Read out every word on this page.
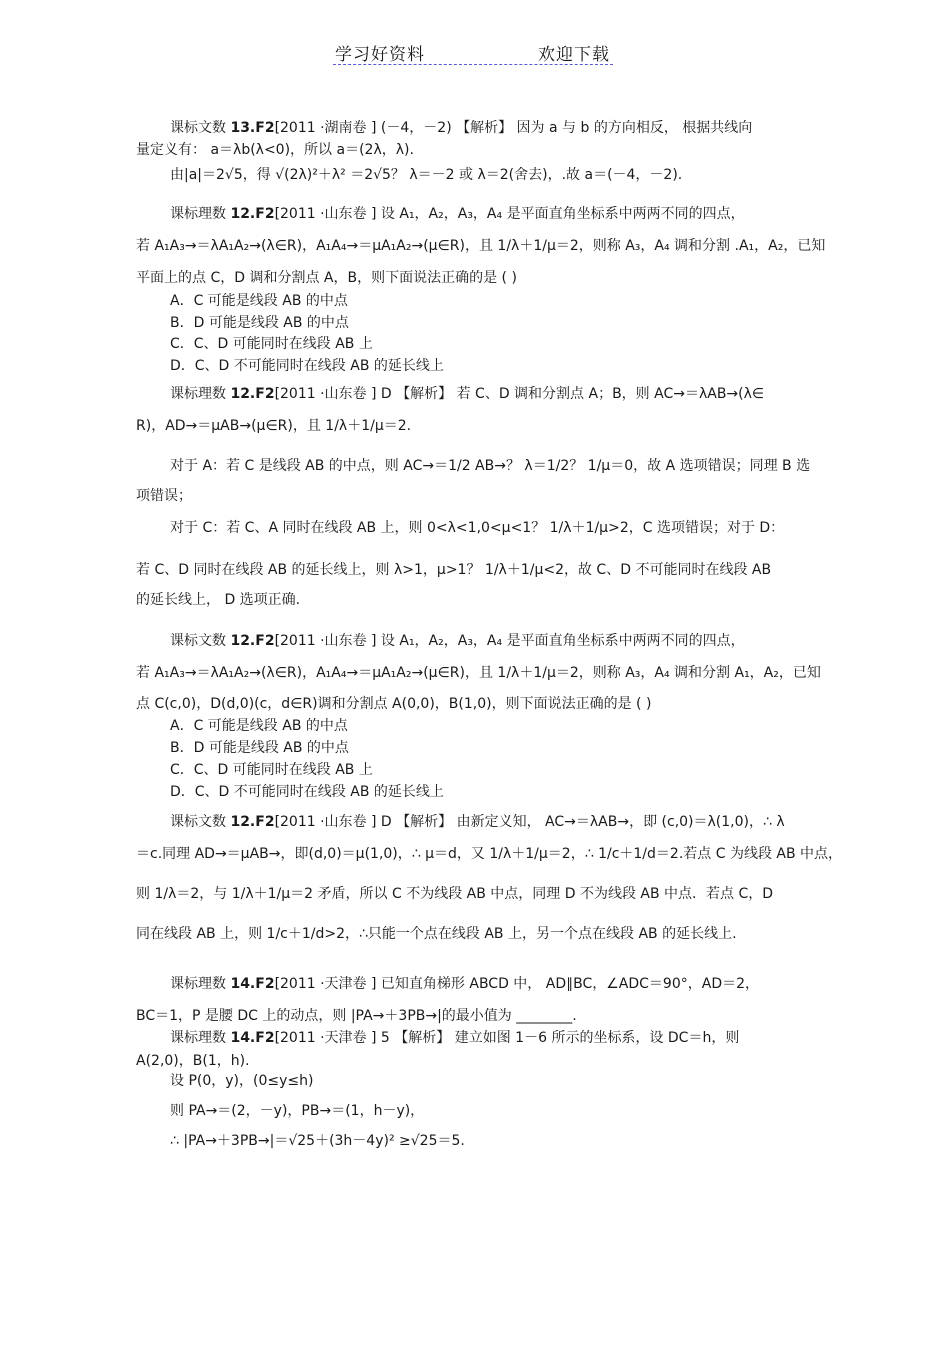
学习好资料	欢迎下载
课标文数 13.F2[2011 ·湖南卷 ] (－4，－2) 【解析】 因为 a 与 b 的方向相反， 根据共线向
量定义有： a＝λb(λ<0)，所以 a＝(2λ，λ).
由|a|＝2√5，得 √(2λ)²＋λ² ＝2√5？ λ＝－2 或 λ＝2(舍去)，.故 a＝(－4，－2).
课标理数 12.F2[2011 ·山东卷 ] 设 A₁，A₂，A₃，A₄ 是平面直角坐标系中两两不同的四点，
若 A₁A₃→＝λA₁A₂→(λ∈R)，A₁A₄→＝μA₁A₂→(μ∈R)，且 1/λ＋1/μ＝2，则称 A₃，A₄ 调和分割 .A₁，A₂，已知
平面上的点 C，D 调和分割点 A，B，则下面说法正确的是 ( )
A．C 可能是线段 AB 的中点
B．D 可能是线段 AB 的中点
C．C、D 可能同时在线段 AB 上
D．C、D 不可能同时在线段 AB 的延长线上
课标理数 12.F2[2011 ·山东卷 ] D 【解析】 若 C、D 调和分割点 A；B，则 AC→＝λAB→(λ∈
R)，AD→＝μAB→(μ∈R)，且 1/λ＋1/μ＝2.
对于 A：若 C 是线段 AB 的中点，则 AC→＝1/2 AB→？ λ＝1/2？ 1/μ＝0，故 A 选项错误；同理 B 选
项错误；
对于 C：若 C、A 同时在线段 AB 上，则 0<λ<1,0<μ<1？ 1/λ＋1/μ>2，C 选项错误；对于 D：
若 C、D 同时在线段 AB 的延长线上，则 λ>1，μ>1？ 1/λ＋1/μ<2，故 C、D 不可能同时在线段 AB
的延长线上， D 选项正确.
课标文数 12.F2[2011 ·山东卷 ] 设 A₁，A₂，A₃，A₄ 是平面直角坐标系中两两不同的四点，
若 A₁A₃→＝λA₁A₂→(λ∈R)，A₁A₄→＝μA₁A₂→(μ∈R)，且 1/λ＋1/μ＝2，则称 A₃，A₄ 调和分割 A₁，A₂，已知
点 C(c,0)，D(d,0)(c，d∈R)调和分割点 A(0,0)，B(1,0)，则下面说法正确的是 ( )
A．C 可能是线段 AB 的中点
B．D 可能是线段 AB 的中点
C．C、D 可能同时在线段 AB 上
D．C、D 不可能同时在线段 AB 的延长线上
课标文数 12.F2[2011 ·山东卷 ] D 【解析】 由新定义知， AC→＝λAB→，即 (c,0)＝λ(1,0)，∴ λ
＝c.同理 AD→＝μAB→，即(d,0)＝μ(1,0)，∴ μ＝d，又 1/λ＋1/μ＝2，∴ 1/c＋1/d＝2.若点 C 为线段 AB 中点，
则 1/λ＝2，与 1/λ＋1/μ＝2 矛盾，所以 C 不为线段 AB 中点，同理 D 不为线段 AB 中点．若点 C，D
同在线段 AB 上，则 1/c＋1/d>2，∴只能一个点在线段 AB 上，另一个点在线段 AB 的延长线上.
课标理数 14.F2[2011 ·天津卷 ] 已知直角梯形 ABCD 中， AD∥BC，∠ADC＝90°，AD＝2，
BC＝1，P 是腰 DC 上的动点，则 |PA→＋3PB→|的最小值为 ________.
课标理数 14.F2[2011 ·天津卷 ] 5 【解析】 建立如图 1－6 所示的坐标系，设 DC＝h，则
A(2,0)，B(1，h).
设 P(0，y)，(0≤y≤h)
则 PA→＝(2，－y)，PB→＝(1，h－y)，
∴ |PA→＋3PB→|＝√25＋(3h－4y)² ≥√25＝5.
